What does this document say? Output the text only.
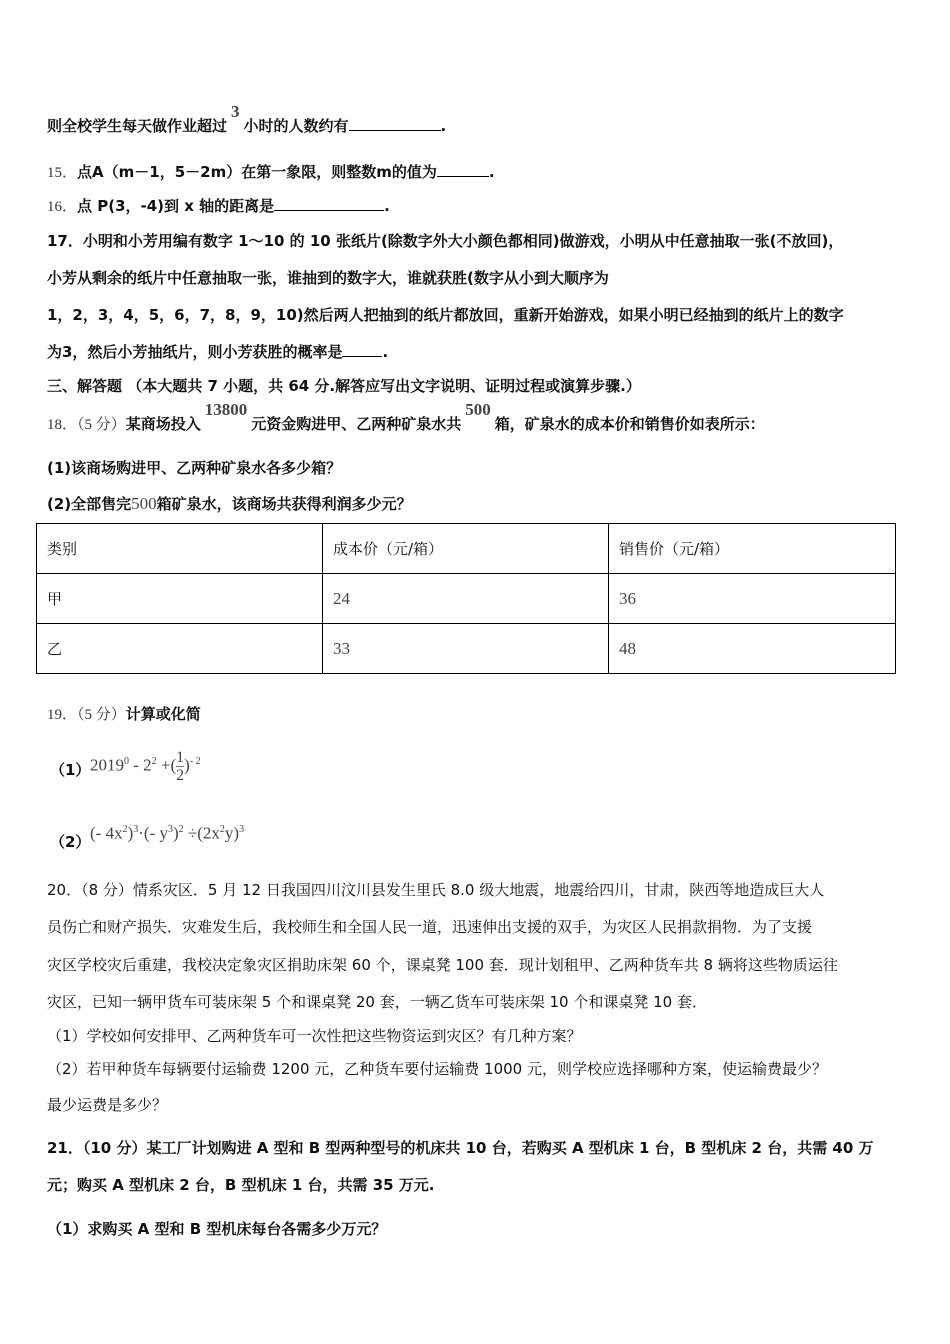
则全校学生每天做作业超过3小时的人数约有	.
15．点A（m－1，5－2m）在第一象限，则整数m的值为	.
16．点 P(3，-4)到 x 轴的距离是	.
17．小明和小芳用编有数字 1～10 的 10 张纸片(除数字外大小颜色都相同)做游戏，小明从中任意抽取一张(不放回)，
小芳从剩余的纸片中任意抽取一张，谁抽到的数字大，谁就获胜(数字从小到大顺序为
1，2，3，4，5，6，7，8，9，10)然后两人把抽到的纸片都放回，重新开始游戏，如果小明已经抽到的纸片上的数字
为3，然后小芳抽纸片，则小芳获胜的概率是	.
三、解答题 （本大题共 7 小题，共 64 分.解答应写出文字说明、证明过程或演算步骤.）
18．（5 分）某商场投入13800元资金购进甲、乙两种矿泉水共500箱，矿泉水的成本价和销售价如表所示：
(1)该商场购进甲、乙两种矿泉水各多少箱？
(2)全部售完500箱矿泉水，该商场共获得利润多少元？
类别	成本价（元/箱）	销售价（元/箱）
甲	24	36
乙	33	48
19．（5 分）计算或化简
（1） $2019^0 - 2^2$ +( $\frac{1}{2} )^{- 2}$
（2） (- $4x^2)^3\cdot(-$ $y^3)^2 \div(2x^2y)^3$
20．（8 分）情系灾区．5 月 12 日我国四川汶川县发生里氏 8.0 级大地震，地震给四川，甘肃，陕西等地造成巨大人
员伤亡和财产损失．灾难发生后，我校师生和全国人民一道，迅速伸出支援的双手，为灾区人民捐款捐物．为了支援
灾区学校灾后重建，我校决定象灾区捐助床架 60 个，课桌凳 100 套．现计划租甲、乙两种货车共 8 辆将这些物质运往
灾区，已知一辆甲货车可装床架 5 个和课桌凳 20 套，一辆乙货车可装床架 10 个和课桌凳 10 套．
（1）学校如何安排甲、乙两种货车可一次性把这些物资运到灾区？有几种方案？
（2）若甲种货车每辆要付运输费 1200 元，乙种货车要付运输费 1000 元，则学校应选择哪种方案，使运输费最少？
最少运费是多少？
21．（10 分）某工厂计划购进 A 型和 B 型两种型号的机床共 10 台，若购买 A 型机床 1 台，B 型机床 2 台，共需 40 万
元；购买 A 型机床 2 台，B 型机床 1 台，共需 35 万元.
（1）求购买 A 型和 B 型机床每台各需多少万元？
